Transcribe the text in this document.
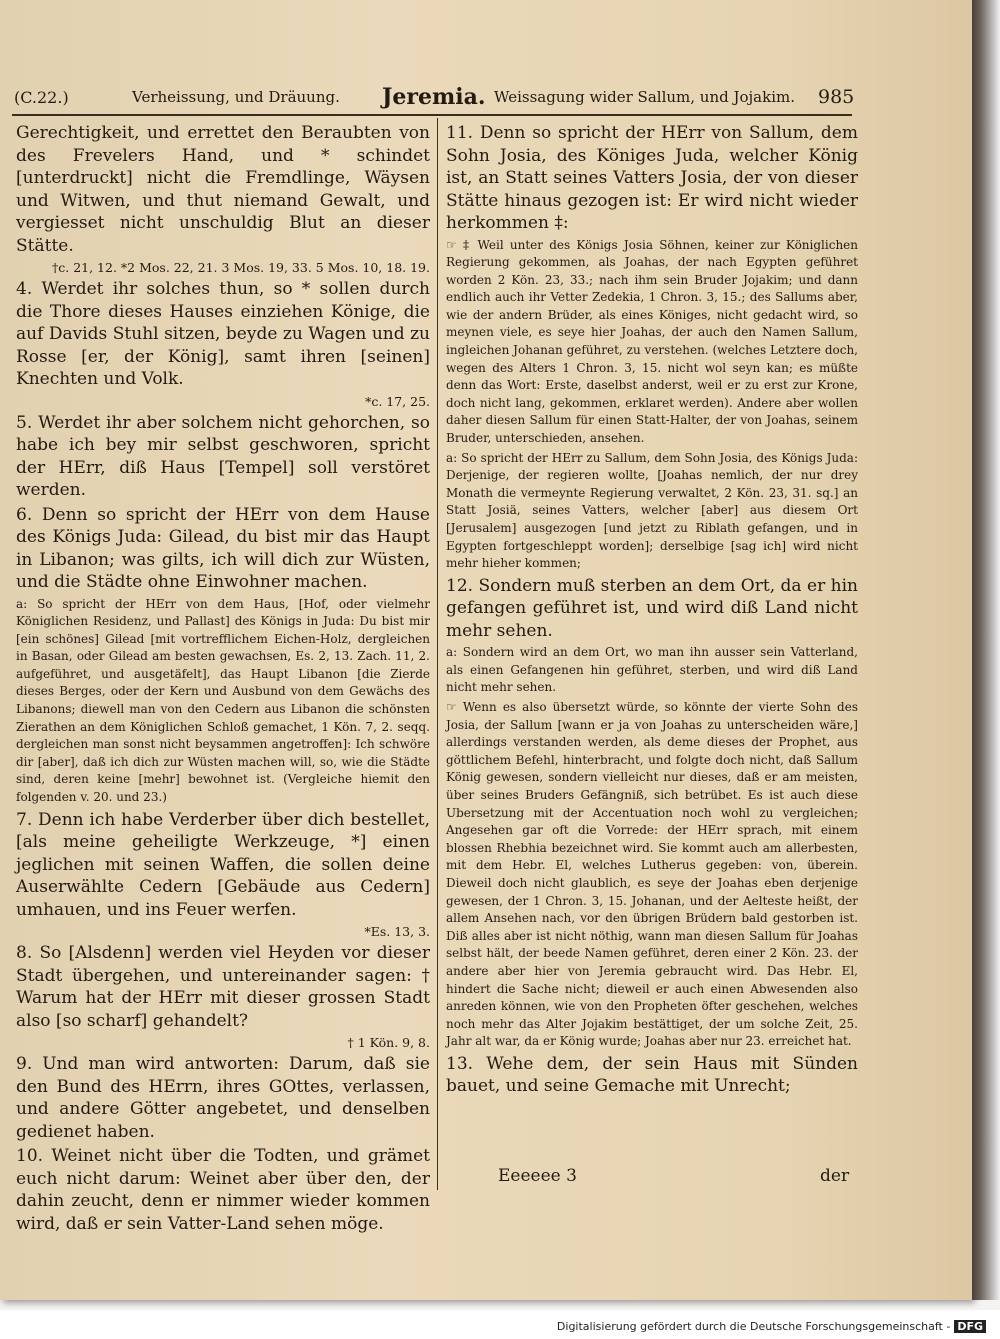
(C.22.)	Verheissung, und Dräuung. Jeremia. Weissagung wider Sallum, und Jojakim. 985

Gerechtigkeit, und errettet den Beraubten von des Frevelers Hand, und * schindet [unterdruckt] nicht die Fremdlinge, Wäysen und Witwen, und thut niemand Gewalt, und vergiesset nicht unschuldig Blut an dieser Stätte.

†c. 21, 12. *2 Mos. 22, 21. 3 Mos. 19, 33. 5 Mos. 10, 18. 19.

4. Werdet ihr solches thun, so * sollen durch die Thore dieses Hauses einziehen Könige, die auf Davids Stuhl sitzen, beyde zu Wagen und zu Rosse [er, der König], samt ihren [seinen] Knechten und Volk.

*c. 17, 25.

5. Werdet ihr aber solchem nicht gehorchen, so habe ich bey mir selbst geschworen, spricht der HErr, diß Haus [Tempel] soll verstöret werden.

6. Denn so spricht der HErr von dem Hause des Königs Juda: Gilead, du bist mir das Haupt in Libanon; was gilts, ich will dich zur Wüsten, und die Städte ohne Einwohner machen.

a: So spricht der HErr von dem Haus, [Hof, oder vielmehr Königlichen Residenz, und Pallast] des Königs in Juda: Du bist mir [ein schönes] Gilead [mit vortrefflichem Eichen-Holz, dergleichen in Basan, oder Gilead am besten gewachsen, Es. 2, 13. Zach. 11, 2. aufgeführet, und ausgetäfelt], das Haupt Libanon [die Zierde dieses Berges, oder der Kern und Ausbund von dem Gewächs des Libanons; diewell man von den Cedern aus Libanon die schönsten Zierathen an dem Königlichen Schloß gemachet, 1 Kön. 7, 2. seqq. dergleichen man sonst nicht beysammen angetroffen]: Ich schwöre dir [aber], daß ich dich zur Wüsten machen will, so, wie die Städte sind, deren keine [mehr] bewohnet ist. (Vergleiche hiemit den folgenden v. 20. und 23.)

7. Denn ich habe Verderber über dich bestellet, [als meine geheiligte Werkzeuge, *] einen jeglichen mit seinen Waffen, die sollen deine Auserwählte Cedern [Gebäude aus Cedern] umhauen, und ins Feuer werfen.

*Es. 13, 3.

8. So [Alsdenn] werden viel Heyden vor dieser Stadt übergehen, und untereinander sagen: † Warum hat der HErr mit dieser grossen Stadt also [so scharf] gehandelt?

† 1 Kön. 9, 8.

9. Und man wird antworten: Darum, daß sie den Bund des HErrn, ihres GOttes, verlassen, und andere Götter angebetet, und denselben gedienet haben.

10. Weinet nicht über die Todten, und grämet euch nicht darum: Weinet aber über den, der dahin zeucht, denn er nimmer wieder kommen wird, daß er sein Vatter-Land sehen möge.

11. Denn so spricht der HErr von Sallum, dem Sohn Josia, des Königes Juda, welcher König ist, an Statt seines Vatters Josia, der von dieser Stätte hinaus gezogen ist: Er wird nicht wieder herkommen ‡:

☞ ‡ Weil unter des Königs Josia Söhnen, keiner zur Königlichen Regierung gekommen, als Joahas, der nach Egypten geführet worden 2 Kön. 23, 33.; nach ihm sein Bruder Jojakim; und dann endlich auch ihr Vetter Zedekia, 1 Chron. 3, 15.; des Sallums aber, wie der andern Brüder, als eines Königes, nicht gedacht wird, so meynen viele, es seye hier Joahas, der auch den Namen Sallum, ingleichen Johanan geführet, zu verstehen. (welches Letztere doch, wegen des Alters 1 Chron. 3, 15. nicht wol seyn kan; es müßte denn das Wort: Erste, daselbst anderst, weil er zu erst zur Krone, doch nicht lang, gekommen, erklaret werden). Andere aber wollen daher diesen Sallum für einen Statt-Halter, der von Joahas, seinem Bruder, unterschieden, ansehen.

a: So spricht der HErr zu Sallum, dem Sohn Josia, des Königs Juda: Derjenige, der regieren wollte, [Joahas nemlich, der nur drey Monath die vermeynte Regierung verwaltet, 2 Kön. 23, 31. sq.] an Statt Josiä, seines Vatters, welcher [aber] aus diesem Ort [Jerusalem] ausgezogen [und jetzt zu Riblath gefangen, und in Egypten fortgeschleppt worden]; derselbige [sag ich] wird nicht mehr hieher kommen;

12. Sondern muß sterben an dem Ort, da er hin gefangen geführet ist, und wird diß Land nicht mehr sehen.

a: Sondern wird an dem Ort, wo man ihn ausser sein Vatterland, als einen Gefangenen hin geführet, sterben, und wird diß Land nicht mehr sehen.

☞ Wenn es also übersetzt würde, so könnte der vierte Sohn des Josia, der Sallum [wann er ja von Joahas zu unterscheiden wäre,] allerdings verstanden werden, als deme dieses der Prophet, aus göttlichem Befehl, hinterbracht, und folgte doch nicht, daß Sallum König gewesen, sondern vielleicht nur dieses, daß er am meisten, über seines Bruders Gefängniß, sich betrübet. Es ist auch diese Ubersetzung mit der Accentuation noch wohl zu vergleichen; Angesehen gar oft die Vorrede: der HErr sprach, mit einem blossen Rhebhia bezeichnet wird. Sie kommt auch am allerbesten, mit dem Hebr. El, welches Lutherus gegeben: von, überein. Dieweil doch nicht glaublich, es seye der Joahas eben derjenige gewesen, der 1 Chron. 3, 15. Johanan, und der Aelteste heißt, der allem Ansehen nach, vor den übrigen Brüdern bald gestorben ist. Diß alles aber ist nicht nöthig, wann man diesen Sallum für Joahas selbst hält, der beede Namen geführet, deren einer 2 Kön. 23. der andere aber hier von Jeremia gebraucht wird. Das Hebr. El, hindert die Sache nicht; dieweil er auch einen Abwesenden also anreden können, wie von den Propheten öfter geschehen, welches noch mehr das Alter Jojakim bestättiget, der um solche Zeit, 25. Jahr alt war, da er König wurde; Joahas aber nur 23. erreichet hat.

13. Wehe dem, der sein Haus mit Sünden bauet, und seine Gemache mit Unrecht;

Eeeeee 3	der
Digitalisierung gefördert durch die Deutsche Forschungsgemeinschaft - DFG
